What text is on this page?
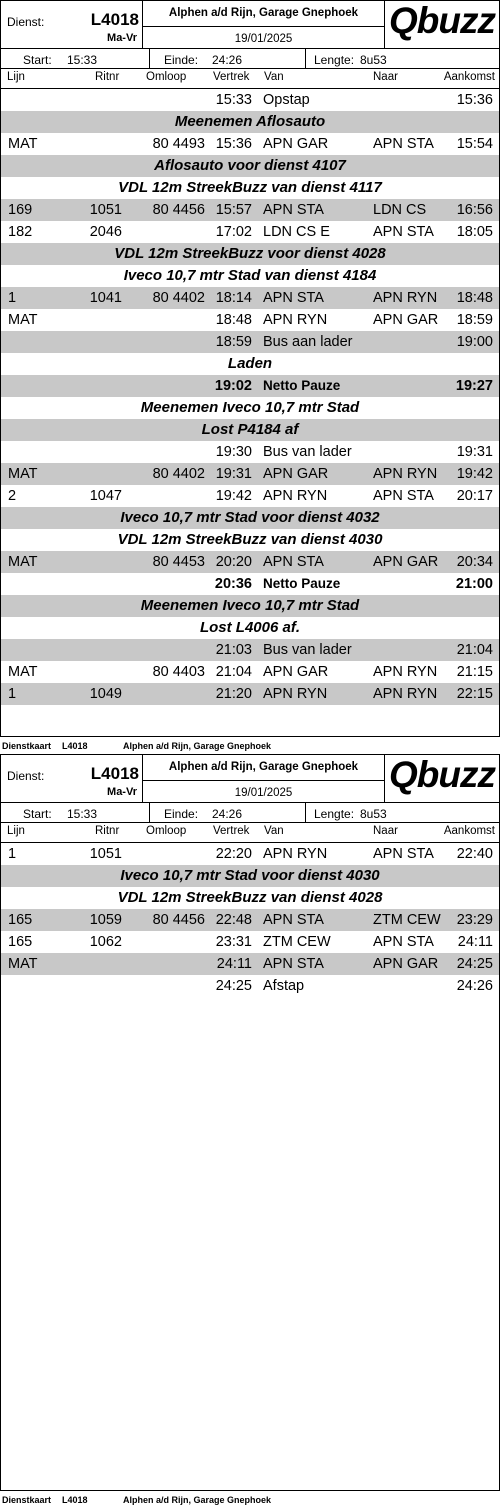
Dienst:	L4018
Ma-Vr
Alphen a/d Rijn, Garage Gnephoek
19/01/2025	Qbuzz
Start: 15:33	Einde: 24:26	Lengte: 8u53
Lijn	Ritnr Omloop Vertrek Van	Naar	Aankomst
15:33 Opstap	15:36
Meenemen Aflosauto
MAT	80 4493 15:36 APN GAR	APN STA 15:54
Aflosauto voor dienst 4107
VDL 12m StreekBuzz van dienst 4117
169	1051 80 4456 15:57 APN STA	LDN CS 16:56
182	2046	17:02 LDN CS E	APN STA 18:05
VDL 12m StreekBuzz voor dienst 4028
Iveco 10,7 mtr Stad van dienst 4184
1	1041 80 4402 18:14 APN STA	APN RYN 18:48
MAT	18:48 APN RYN	APN GAR 18:59
18:59 Bus aan lader	19:00
Laden
19:02 Netto Pauze	19:27
Meenemen Iveco 10,7 mtr Stad
Lost P4184 af
19:30 Bus van lader	19:31
MAT	80 4402 19:31 APN GAR	APN RYN 19:42
2	1047	19:42 APN RYN	APN STA 20:17
Iveco 10,7 mtr Stad voor dienst 4032
VDL 12m StreekBuzz van dienst 4030
MAT	80 4453 20:20 APN STA	APN GAR 20:34
20:36 Netto Pauze	21:00
Meenemen Iveco 10,7 mtr Stad
Lost L4006 af.
21:03 Bus van lader	21:04
MAT	80 4403 21:04 APN GAR	APN RYN 21:15
1	1049	21:20 APN RYN	APN RYN 22:15
Dienstkaart L4018	Alphen a/d Rijn, Garage Gnephoek
Dienst:	L4018
Ma-Vr
Alphen a/d Rijn, Garage Gnephoek
19/01/2025	Qbuzz
Start: 15:33	Einde: 24:26	Lengte: 8u53
Lijn	Ritnr Omloop Vertrek Van	Naar	Aankomst
1	1051	22:20 APN RYN	APN STA 22:40
Iveco 10,7 mtr Stad voor dienst 4030
VDL 12m StreekBuzz van dienst 4028
165	1059 80 4456 22:48 APN STA	ZTM CEW 23:29
165	1062	23:31 ZTM CEW	APN STA 24:11
MAT	24:11 APN STA	APN GAR 24:25
24:25 Afstap	24:26
Dienstkaart L4018	Alphen a/d Rijn, Garage Gnephoek
